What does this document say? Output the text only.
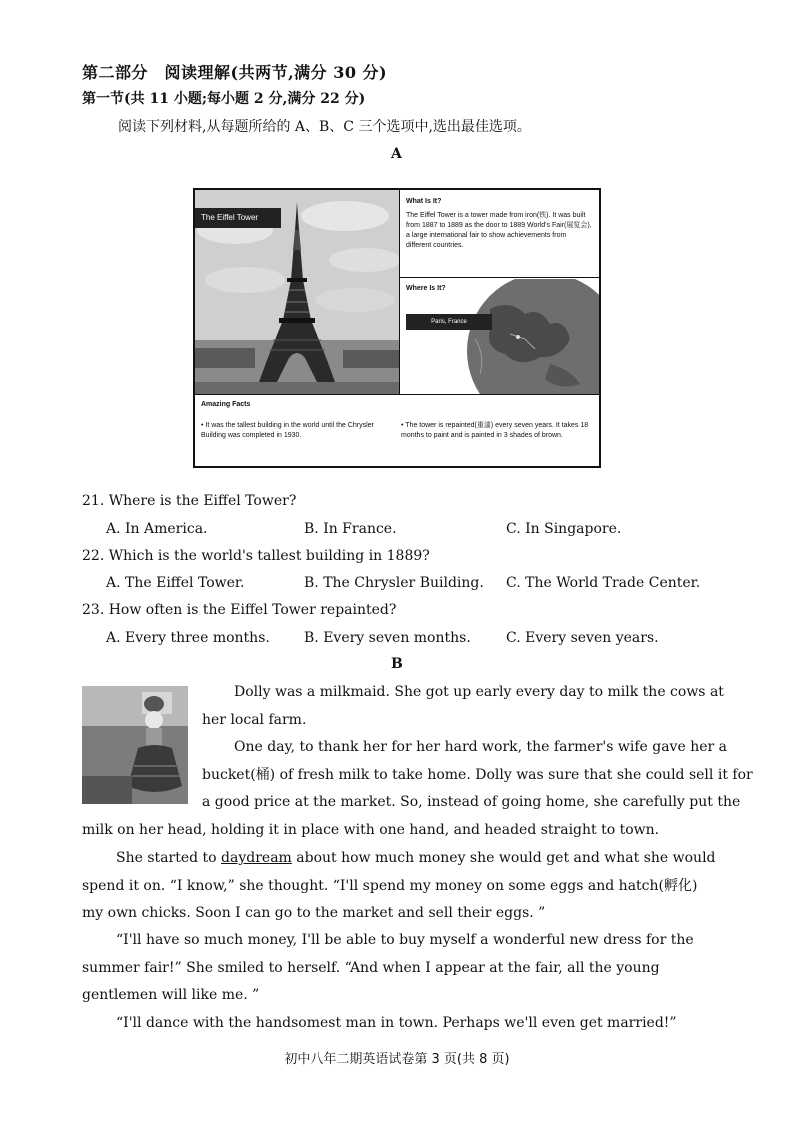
第二部分　阅读理解(共两节,满分 30 分)
第一节(共 11 小题;每小题 2 分,满分 22 分)
阅读下列材料,从每题所给的 A、B、C 三个选项中,选出最佳选项。
A
The Eiffel Tower
What Is It?
The Eiffel Tower is a tower made from iron(铁). It was built from 1887 to 1889 as the door to 1889 World's Fair(展览会), a large international fair to show achievements from different countries.
Where Is It?
Paris, France
Amazing Facts
• It was the tallest building in the world until the Chrysler Building was completed in 1930.
• The tower is repainted(重漆) every seven years. It takes 18 months to paint and is painted in 3 shades of brown.
21. Where is the Eiffel Tower?
A. In America.	B. In France.	C. In Singapore.
22. Which is the world's tallest building in 1889?
A. The Eiffel Tower.	B. The Chrysler Building. C. The World Trade Center.
23. How often is the Eiffel Tower repainted?
A. Every three months. B. Every seven months.	C. Every seven years.
B
Dolly was a milkmaid. She got up early every day to milk the cows at
her local farm.
One day, to thank her for her hard work, the farmer's wife gave her a
bucket(桶) of fresh milk to take home. Dolly was sure that she could sell it for
a good price at the market. So, instead of going home, she carefully put the
milk on her head, holding it in place with one hand, and headed straight to town.
She started to daydream about how much money she would get and what she would
spend it on. “I know,” she thought. “I'll spend my money on some eggs and hatch(孵化)
my own chicks. Soon I can go to the market and sell their eggs. ”
“I'll have so much money, I'll be able to buy myself a wonderful new dress for the
summer fair!” She smiled to herself. “And when I appear at the fair, all the young
gentlemen will like me. ”
“I'll dance with the handsomest man in town. Perhaps we'll even get married!”
初中八年二期英语试卷第 3 页(共 8 页)
